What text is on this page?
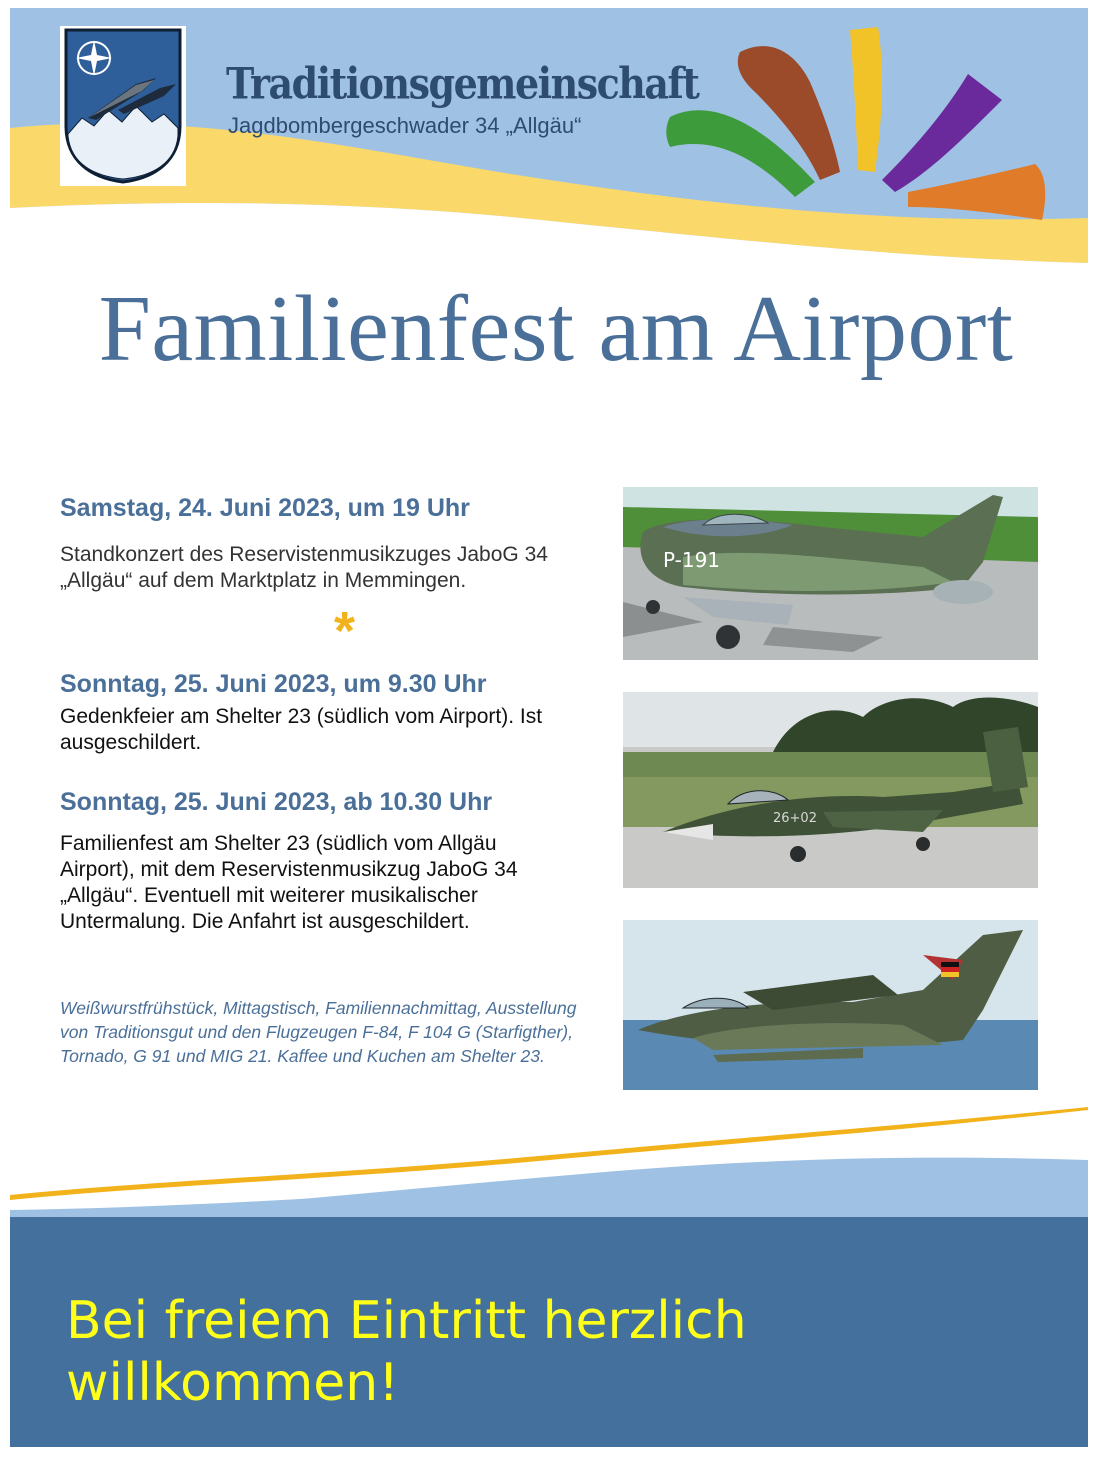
Traditionsgemeinschaft
Jagdbombergeschwader 34 „Allgäu“
Familienfest am Airport
Samstag, 24. Juni 2023, um 19 Uhr
Standkonzert des Reservistenmusikzuges JaboG 34 „Allgäu“ auf dem Marktplatz in Memmingen.
*
Sonntag, 25. Juni 2023, um 9.30 Uhr
Gedenkfeier am Shelter 23 (südlich vom Airport). Ist ausgeschildert.
Sonntag, 25. Juni 2023, ab 10.30 Uhr
Familienfest am Shelter 23 (südlich vom Allgäu Airport), mit dem Reservistenmusikzug JaboG 34 „Allgäu“. Eventuell mit weiterer musikalischer Untermalung. Die Anfahrt ist ausgeschildert.
Weißwurstfrühstück, Mittagstisch, Familiennachmittag, Ausstellung von Traditionsgut und den Flugzeugen F-84, F 104 G (Starfigther), Tornado, G 91 und MIG 21. Kaffee und Kuchen am Shelter 23.
P-191
26+02
Bei freiem Eintritt herzlich willkommen!
